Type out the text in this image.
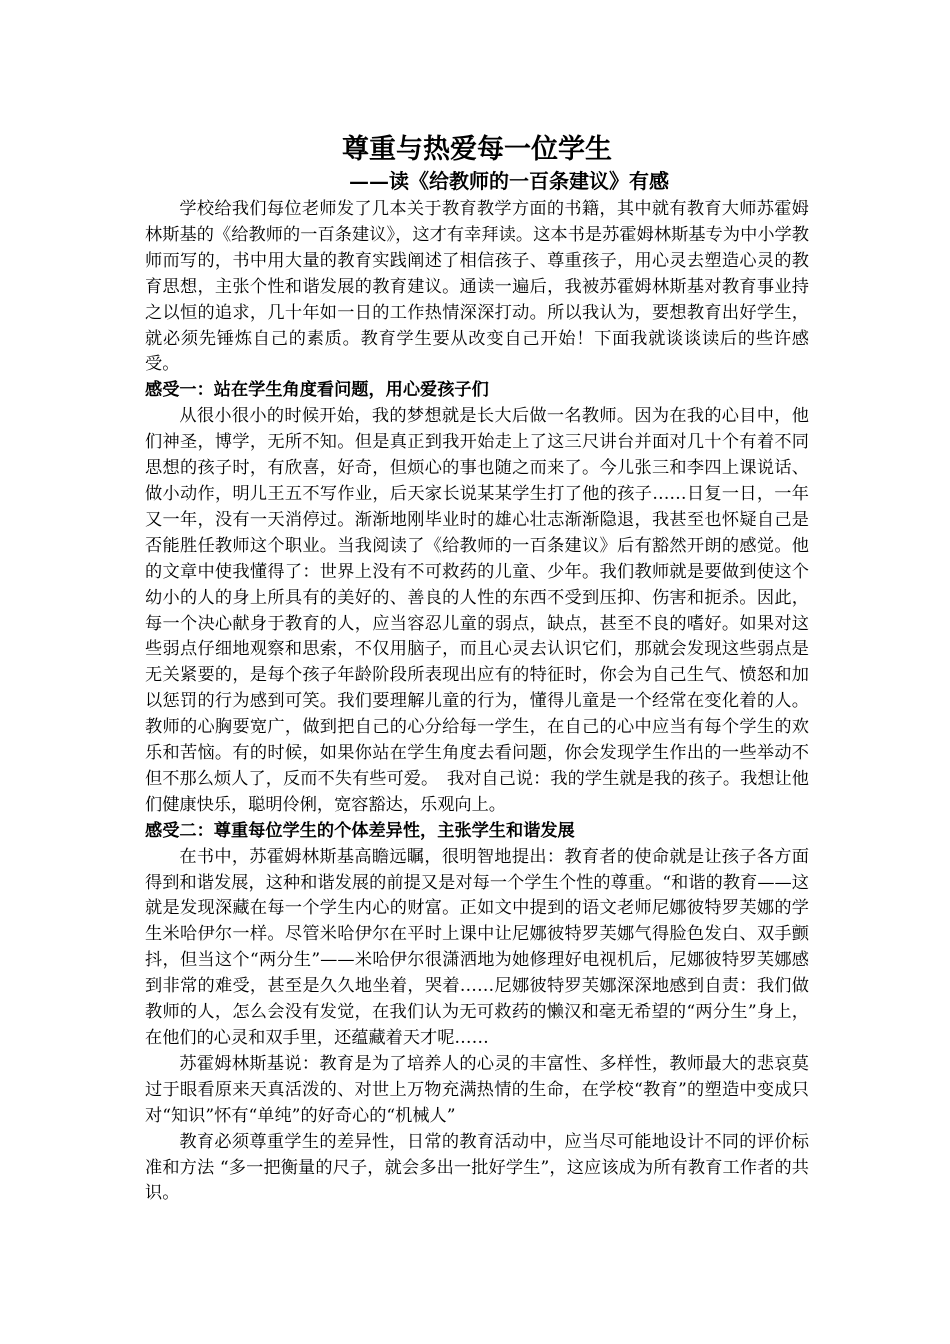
尊重与热爱每一位学生
——读《给教师的一百条建议》有感

学校给我们每位老师发了几本关于教育教学方面的书籍，其中就有教育大师苏霍姆林斯基的《给教师的一百条建议》，这才有幸拜读。这本书是苏霍姆林斯基专为中小学教师而写的，书中用大量的教育实践阐述了相信孩子、尊重孩子，用心灵去塑造心灵的教育思想，主张个性和谐发展的教育建议。通读一遍后，我被苏霍姆林斯基对教育事业持之以恒的追求，几十年如一日的工作热情深深打动。所以我认为，要想教育出好学生，就必须先锤炼自己的素质。教育学生要从改变自己开始！下面我就谈谈读后的些许感受。

感受一：站在学生角度看问题，用心爱孩子们

从很小很小的时候开始，我的梦想就是长大后做一名教师。因为在我的心目中，他们神圣，博学，无所不知。但是真正到我开始走上了这三尺讲台并面对几十个有着不同思想的孩子时，有欣喜，好奇，但烦心的事也随之而来了。今儿张三和李四上课说话、做小动作，明儿王五不写作业，后天家长说某某学生打了他的孩子……日复一日，一年又一年，没有一天消停过。渐渐地刚毕业时的雄心壮志渐渐隐退，我甚至也怀疑自己是否能胜任教师这个职业。当我阅读了《给教师的一百条建议》后有豁然开朗的感觉。他的文章中使我懂得了：世界上没有不可救药的儿童、少年。我们教师就是要做到使这个幼小的人的身上所具有的美好的、善良的人性的东西不受到压抑、伤害和扼杀。因此，每一个决心献身于教育的人，应当容忍儿童的弱点，缺点，甚至不良的嗜好。如果对这些弱点仔细地观察和思索，不仅用脑子，而且心灵去认识它们，那就会发现这些弱点是无关紧要的，是每个孩子年龄阶段所表现出应有的特征时，你会为自己生气、愤怒和加以惩罚的行为感到可笑。我们要理解儿童的行为，懂得儿童是一个经常在变化着的人。教师的心胸要宽广，做到把自己的心分给每一学生，在自己的心中应当有每个学生的欢乐和苦恼。有的时候，如果你站在学生角度去看问题，你会发现学生作出的一些举动不但不那么烦人了，反而不失有些可爱。　我对自己说：我的学生就是我的孩子。我想让他们健康快乐，聪明伶俐，宽容豁达，乐观向上。

感受二：尊重每位学生的个体差异性，主张学生和谐发展

在书中，苏霍姆林斯基高瞻远瞩，很明智地提出：教育者的使命就是让孩子各方面得到和谐发展，这种和谐发展的前提又是对每一个学生个性的尊重。“和谐的教育——这就是发现深藏在每一个学生内心的财富。正如文中提到的语文老师尼娜彼特罗芙娜的学生米哈伊尔一样。尽管米哈伊尔在平时上课中让尼娜彼特罗芙娜气得脸色发白、双手颤抖，但当这个“两分生”——米哈伊尔很潇洒地为她修理好电视机后，尼娜彼特罗芙娜感到非常的难受，甚至是久久地坐着，哭着……尼娜彼特罗芙娜深深地感到自责：我们做教师的人，怎么会没有发觉，在我们认为无可救药的懒汉和毫无希望的“两分生”身上，在他们的心灵和双手里，还蕴藏着天才呢……

苏霍姆林斯基说：教育是为了培养人的心灵的丰富性、多样性，教师最大的悲哀莫过于眼看原来天真活泼的、对世上万物充满热情的生命，在学校“教育”的塑造中变成只对“知识”怀有“单纯”的好奇心的“机械人”

教育必须尊重学生的差异性，日常的教育活动中，应当尽可能地设计不同的评价标准和方法 “多一把衡量的尺子，就会多出一批好学生”，这应该成为所有教育工作者的共识。
